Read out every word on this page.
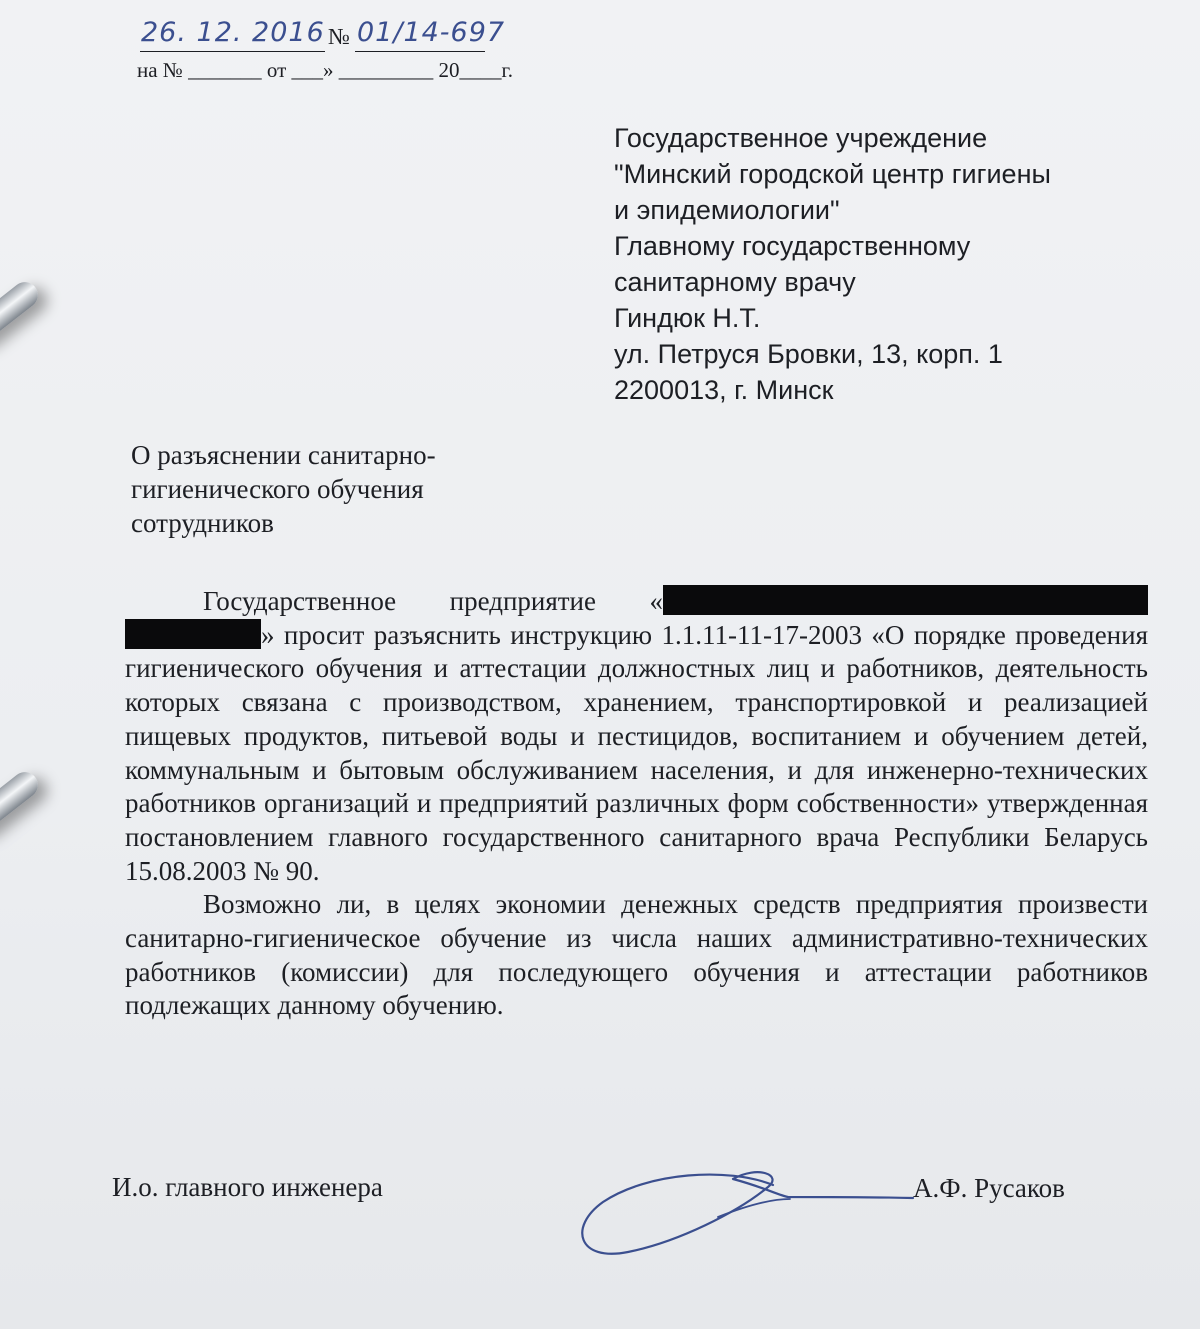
26. 12. 2016 № 01/14-697
на № _______ от ___» _________ 20____г.
Государственное учреждение
"Минский городской центр гигиены
и эпидемиологии"
Главному государственному
санитарному врачу
Гиндюк Н.Т.
ул. Петруся Бровки, 13, корп. 1
2200013, г. Минск
О разъяснении санитарно-
гигиенического обучения
сотрудников

Государственное предприятие « » просит разъяснить инструкцию 1.1.11-11-17-2003 «О порядке проведения гигиенического обучения и аттестации должностных лиц и работников, деятельность которых связана с производством, хранением, транспортировкой и реализацией пищевых продуктов, питьевой воды и пестицидов, воспитанием и обучением детей, коммунальным и бытовым обслуживанием населения, и для инженерно-технических работников организаций и предприятий различных форм собственности» утвержденная постановлением главного государственного санитарного врача Республики Беларусь 15.08.2003 № 90.

Возможно ли, в целях экономии денежных средств предприятия произвести санитарно-гигиеническое обучение из числа наших административно-технических работников (комиссии) для последующего обучения и аттестации работников подлежащих данному обучению.

И.о. главного инженера	А.Ф. Русаков
